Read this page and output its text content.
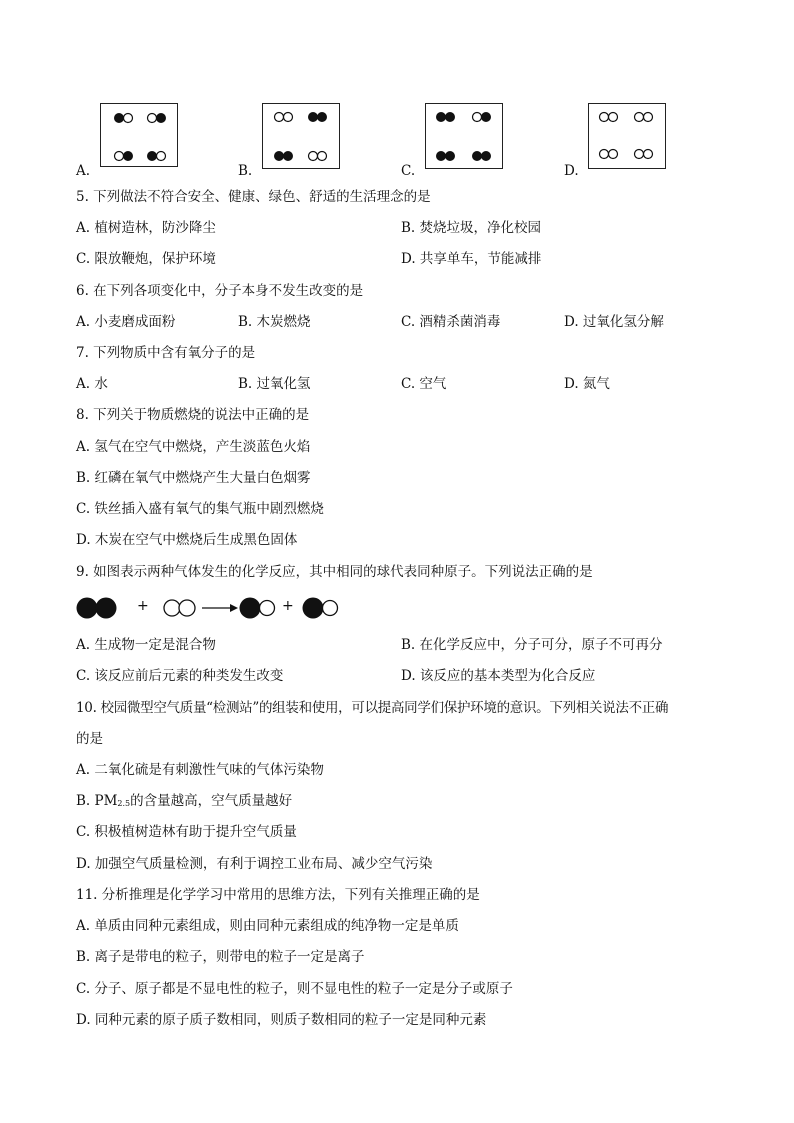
A.	B.	C.	D.
5. 下列做法不符合安全、健康、绿色、舒适的生活理念的是
A. 植树造林，防沙降尘	B. 焚烧垃圾，净化校园
C. 限放鞭炮，保护环境	D. 共享单车，节能减排
6. 在下列各项变化中，分子本身不发生改变的是
A. 小麦磨成面粉	B. 木炭燃烧	C. 酒精杀菌消毒	D. 过氧化氢分解
7. 下列物质中含有氧分子的是
A. 水	B. 过氧化氢	C. 空气	D. 氮气
8. 下列关于物质燃烧的说法中正确的是
A. 氢气在空气中燃烧，产生淡蓝色火焰
B. 红磷在氧气中燃烧产生大量白色烟雾
C. 铁丝插入盛有氧气的集气瓶中剧烈燃烧
D. 木炭在空气中燃烧后生成黑色固体
9. 如图表示两种气体发生的化学反应，其中相同的球代表同种原子。下列说法正确的是
+	+
A. 生成物一定是混合物	B. 在化学反应中，分子可分，原子不可再分
C. 该反应前后元素的种类发生改变	D. 该反应的基本类型为化合反应
10. 校园微型空气质量“检测站”的组装和使用，可以提高同学们保护环境的意识。下列相关说法不正确
的是
A. 二氧化硫是有刺激性气味的气体污染物
B. $PM_{2.5}$的含量越高，空气质量越好
C. 积极植树造林有助于提升空气质量
D. 加强空气质量检测，有利于调控工业布局、减少空气污染
11. 分析推理是化学学习中常用的思维方法，下列有关推理正确的是
A. 单质由同种元素组成，则由同种元素组成的纯净物一定是单质
B. 离子是带电的粒子，则带电的粒子一定是离子
C. 分子、原子都是不显电性的粒子，则不显电性的粒子一定是分子或原子
D. 同种元素的原子质子数相同，则质子数相同的粒子一定是同种元素
